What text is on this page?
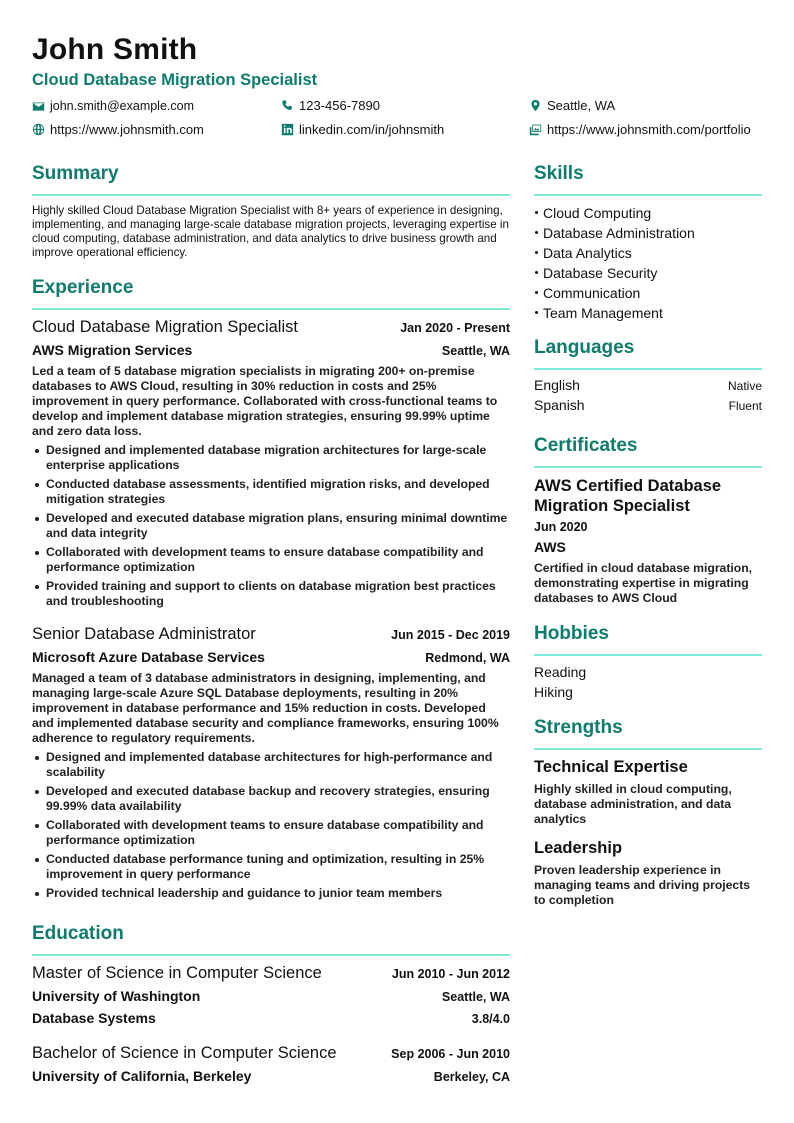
John Smith
Cloud Database Migration Specialist
john.smith@example.com	123-456-7890	Seattle, WA
https://www.johnsmith.com	linkedin.com/in/johnsmith	https://www.johnsmith.com/portfolio
Summary
Highly skilled Cloud Database Migration Specialist with 8+ years of experience in designing, implementing, and managing large-scale database migration projects, leveraging expertise in cloud computing, database administration, and data analytics to drive business growth and improve operational efficiency.
Experience
Cloud Database Migration Specialist	Jan 2020 - Present
AWS Migration Services	Seattle, WA
Led a team of 5 database migration specialists in migrating 200+ on-premise databases to AWS Cloud, resulting in 30% reduction in costs and 25% improvement in query performance. Collaborated with cross-functional teams to develop and implement database migration strategies, ensuring 99.99% uptime and zero data loss.
Designed and implemented database migration architectures for large-scale enterprise applications
Conducted database assessments, identified migration risks, and developed mitigation strategies
Developed and executed database migration plans, ensuring minimal downtime and data integrity
Collaborated with development teams to ensure database compatibility and performance optimization
Provided training and support to clients on database migration best practices and troubleshooting
Senior Database Administrator	Jun 2015 - Dec 2019
Microsoft Azure Database Services	Redmond, WA
Managed a team of 3 database administrators in designing, implementing, and managing large-scale Azure SQL Database deployments, resulting in 20% improvement in database performance and 15% reduction in costs. Developed and implemented database security and compliance frameworks, ensuring 100% adherence to regulatory requirements.
Designed and implemented database architectures for high-performance and scalability
Developed and executed database backup and recovery strategies, ensuring 99.99% data availability
Collaborated with development teams to ensure database compatibility and performance optimization
Conducted database performance tuning and optimization, resulting in 25% improvement in query performance
Provided technical leadership and guidance to junior team members
Education
Master of Science in Computer Science	Jun 2010 - Jun 2012
University of Washington	Seattle, WA
Database Systems	3.8/4.0
Bachelor of Science in Computer Science	Sep 2006 - Jun 2010
University of California, Berkeley	Berkeley, CA
Skills
Cloud Computing
Database Administration
Data Analytics
Database Security
Communication
Team Management
Languages
English	Native
Spanish	Fluent
Certificates
AWS Certified Database Migration Specialist
Jun 2020
AWS
Certified in cloud database migration, demonstrating expertise in migrating databases to AWS Cloud
Hobbies
Reading
Hiking
Strengths
Technical Expertise
Highly skilled in cloud computing, database administration, and data analytics
Leadership
Proven leadership experience in managing teams and driving projects to completion
